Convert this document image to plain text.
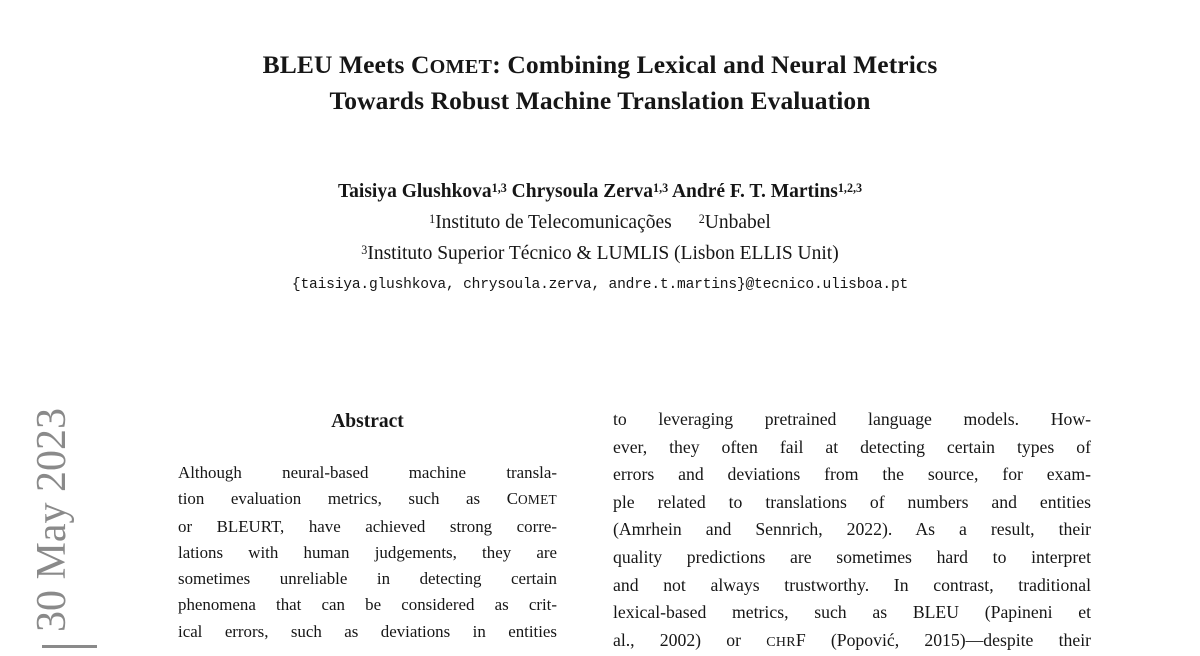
30 May 2023
BLEU Meets COMET: Combining Lexical and Neural Metrics
Towards Robust Machine Translation Evaluation
Taisiya Glushkova$^{1,3}$ Chrysoula Zerva$^{1,3}$ André F. T. Martins$^{1,2,3}$
$^1$Instituto de Telecomunicações $^2$Unbabel
$^3$Instituto Superior Técnico & LUMLIS (Lisbon ELLIS Unit)
{taisiya.glushkova, chrysoula.zerva, andre.t.martins}@tecnico.ulisboa.pt
Abstract
Although neural-based machine transla-
tion evaluation metrics, such as COMET
or BLEURT, have achieved strong corre-
lations with human judgements, they are
sometimes unreliable in detecting certain
phenomena that can be considered as crit-
ical errors, such as deviations in entities
to leveraging pretrained language models. How-
ever, they often fail at detecting certain types of
errors and deviations from the source, for exam-
ple related to translations of numbers and entities
(Amrhein and Sennrich, 2022). As a result, their
quality predictions are sometimes hard to interpret
and not always trustworthy. In contrast, traditional
lexical-based metrics, such as BLEU (Papineni et
al., 2002) or CHRF (Popović, 2015)—despite their
